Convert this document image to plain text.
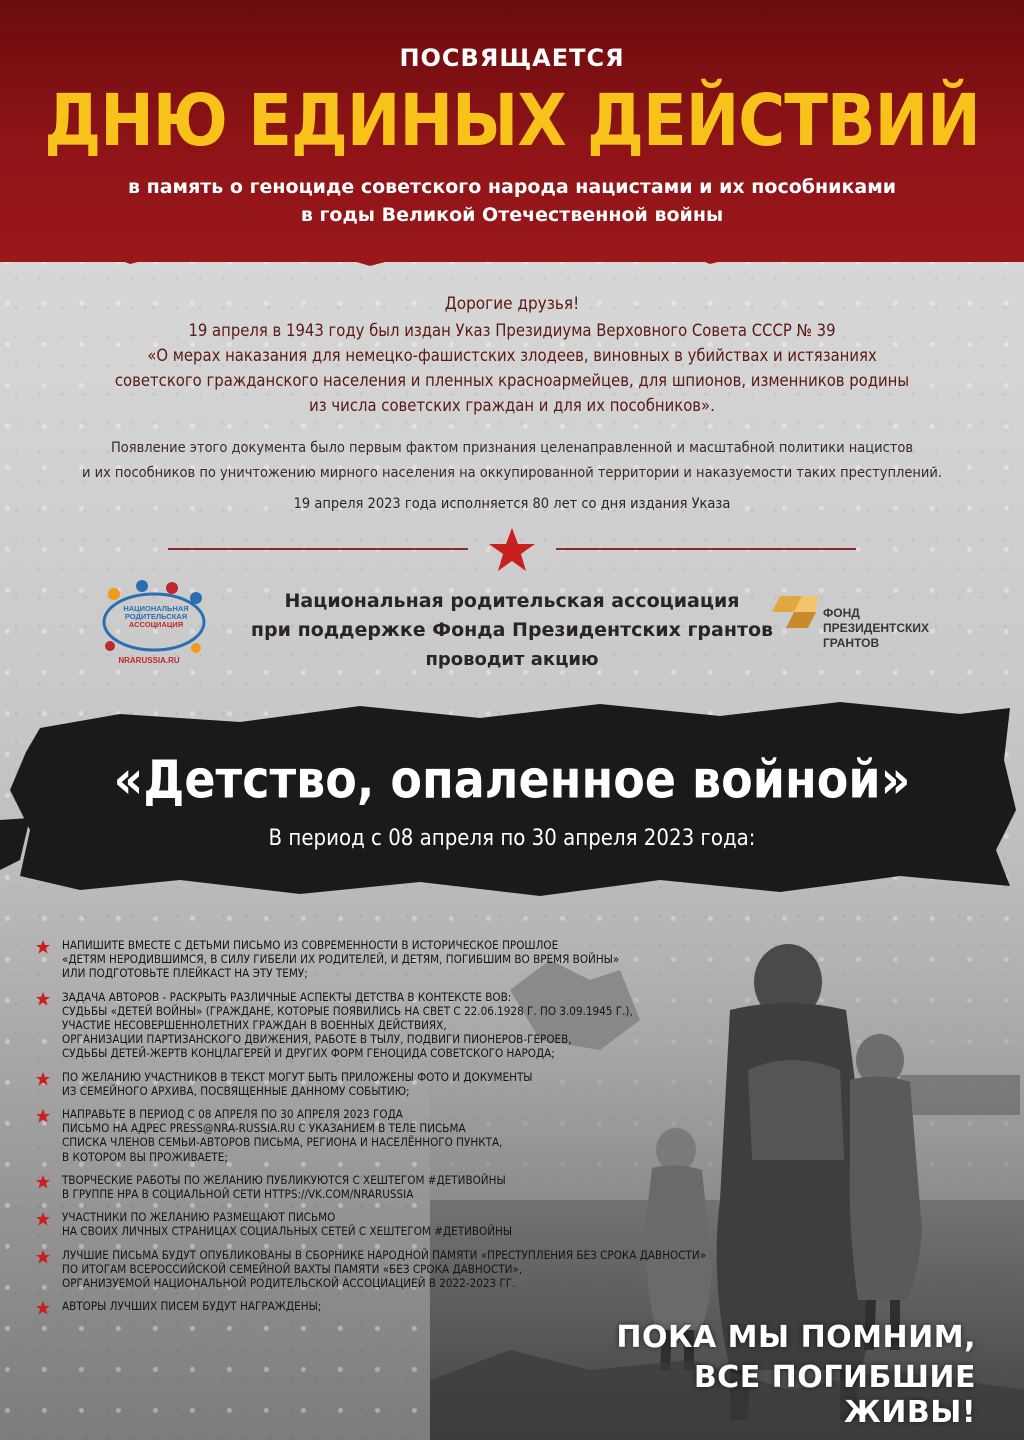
ПОСВЯЩАЕТСЯ
ДНЮ ЕДИНЫХ ДЕЙСТВИЙ
в память о геноциде советского народа нацистами и их пособниками
в годы Великой Отечественной войны
Дорогие друзья!
19 апреля в 1943 году был издан Указ Президиума Верховного Совета СССР № 39
«О мерах наказания для немецко-фашистских злодеев, виновных в убийствах и истязаниях
советского гражданского населения и пленных красноармейцев, для шпионов, изменников родины
из числа советских граждан и для их пособников».
Появление этого документа было первым фактом признания целенаправленной и масштабной политики нацистов
и их пособников по уничтожению мирного населения на оккупированной территории и наказуемости таких преступлений.
19 апреля 2023 года исполняется 80 лет со дня издания Указа
НАЦИОНАЛЬНАЯ
РОДИТЕЛЬСКАЯ
АССОЦИАЦИЯ
NRARUSSIA.RU
Национальная родительская ассоциация
при поддержке Фонда Президентских грантов
проводит акцию
ФОНД
ПРЕЗИДЕНТСКИХ
ГРАНТОВ
«Детство, опаленное войной»
В период с 08 апреля по 30 апреля 2023 года:
НАПИШИТЕ ВМЕСТЕ С ДЕТЬМИ ПИСЬМО ИЗ СОВРЕМЕННОСТИ В ИСТОРИЧЕСКОЕ ПРОШЛОЕ
«ДЕТЯМ НEРОДИВШИМСЯ, В СИЛУ ГИБЕЛИ ИХ РОДИТЕЛЕЙ, И ДЕТЯМ, ПОГИБШИМ ВО ВРЕМЯ ВОЙНЫ»
ИЛИ ПОДГОТОВЬТЕ ПЛЕЙКАСТ НА ЭТУ ТЕМУ;
ЗАДАЧА АВТОРОВ - РАСКРЫТЬ РАЗЛИЧНЫЕ АСПЕКТЫ ДЕТСТВА В КОНТЕКСТЕ ВОВ:
СУДЬБЫ «ДЕТЕЙ ВОЙНЫ» (ГРАЖДАНЕ, КОТОРЫЕ ПОЯВИЛИСЬ НА СВЕТ С 22.06.1928 Г. ПО 3.09.1945 Г.),
УЧАСТИЕ НЕСОВЕРШЕННОЛЕТНИХ ГРАЖДАН В ВОЕННЫХ ДЕЙСТВИЯХ,
ОРГАНИЗАЦИИ ПАРТИЗАНСКОГО ДВИЖЕНИЯ, РАБОТЕ В ТЫЛУ, ПОДВИГИ ПИОНЕРОВ-ГЕРОЕВ,
СУДЬБЫ ДЕТЕЙ-ЖЕРТВ КОНЦЛАГЕРЕЙ И ДРУГИХ ФОРМ ГЕНОЦИДА СОВЕТСКОГО НАРОДА;
ПО ЖЕЛАНИЮ УЧАСТНИКОВ В ТЕКСТ МОГУТ БЫТЬ ПРИЛОЖЕНЫ ФОТО И ДОКУМЕНТЫ
ИЗ СЕМЕЙНОГО АРХИВА, ПОСВЯЩЕННЫЕ ДАННОМУ СОБЫТИЮ;
НАПРАВЬТЕ В ПЕРИОД С 08 АПРЕЛЯ ПО 30 АПРЕЛЯ 2023 ГОДА
ПИСЬМО НА АДРЕС PRESS@NRA-RUSSIA.RU С УКАЗАНИЕМ В ТЕЛЕ ПИСЬМА
СПИСКА ЧЛЕНОВ СЕМЬИ-АВТОРОВ ПИСЬМА, РЕГИОНА И НАСЕЛЁННОГО ПУНКТА,
В КОТОРОМ ВЫ ПРОЖИВАЕТЕ;
ТВОРЧЕСКИЕ РАБОТЫ ПО ЖЕЛАНИЮ ПУБЛИКУЮТСЯ С ХЕШТЕГОМ #ДЕТИВОЙНЫ
В ГРУППЕ НРА В СОЦИАЛЬНОЙ СЕТИ HTTPS://VK.COM/NRARUSSIA
УЧАСТНИКИ ПО ЖЕЛАНИЮ РАЗМЕЩАЮТ ПИСЬМО
НА СВОИХ ЛИЧНЫХ СТРАНИЦАХ СОЦИАЛЬНЫХ СЕТЕЙ С ХЕШТЕГОМ #ДЕТИВОЙНЫ
ЛУЧШИЕ ПИСЬМА БУДУТ ОПУБЛИКОВАНЫ В СБОРНИКЕ НАРОДНОЙ ПАМЯТИ «ПРЕСТУПЛЕНИЯ БЕЗ СРОКА ДАВНОСТИ»
ПО ИТОГАМ ВСЕРОССИЙСКОЙ СЕМЕЙНОЙ ВАХТЫ ПАМЯТИ «БЕЗ СРОКА ДАВНОСТИ»,
ОРГАНИЗУЕМОЙ НАЦИОНАЛЬНОЙ РОДИТЕЛЬСКОЙ АССОЦИАЦИЕЙ В 2022-2023 ГГ.
АВТОРЫ ЛУЧШИХ ПИСЕМ БУДУТ НАГРАЖДЕНЫ;
ПОКА МЫ ПОМНИМ,
ВСЕ ПОГИБШИЕ ЖИВЫ!
